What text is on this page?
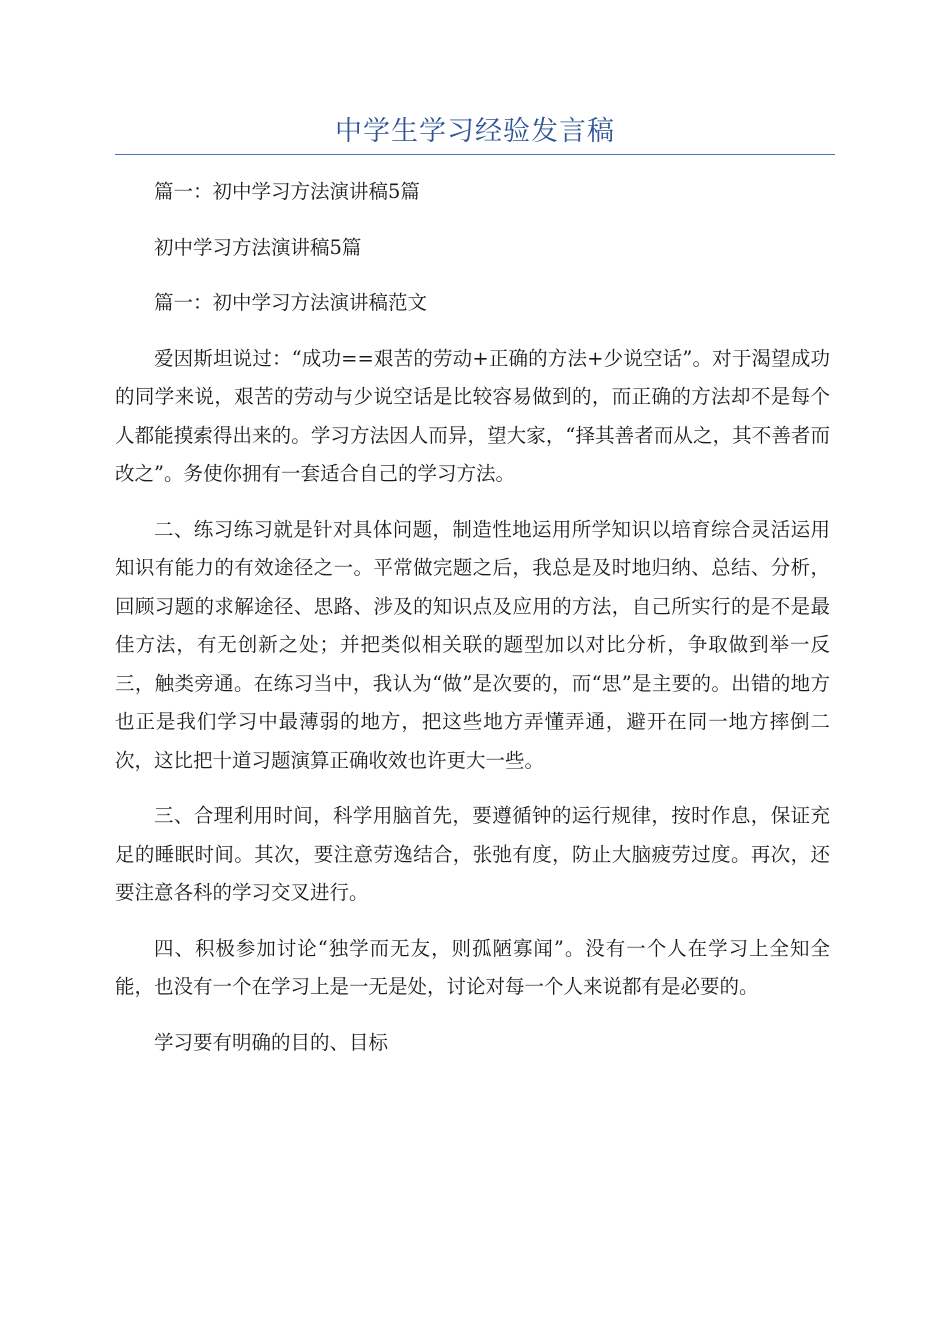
中学生学习经验发言稿

篇一：初中学习方法演讲稿5篇

初中学习方法演讲稿5篇

篇一：初中学习方法演讲稿范文

爱因斯坦说过：“成功==艰苦的劳动+正确的方法+少说空话”。对于渴望成功的同学来说，艰苦的劳动与少说空话是比较容易做到的，而正确的方法却不是每个人都能摸索得出来的。学习方法因人而异，望大家，“择其善者而从之，其不善者而改之”。务使你拥有一套适合自己的学习方法。

二、练习练习就是针对具体问题，制造性地运用所学知识以培育综合灵活运用知识有能力的有效途径之一。平常做完题之后，我总是及时地归纳、总结、分析，回顾习题的求解途径、思路、涉及的知识点及应用的方法，自己所实行的是不是最佳方法，有无创新之处；并把类似相关联的题型加以对比分析，争取做到举一反三，触类旁通。在练习当中，我认为“做”是次要的，而“思”是主要的。出错的地方也正是我们学习中最薄弱的地方，把这些地方弄懂弄通，避开在同一地方摔倒二次，这比把十道习题演算正确收效也许更大一些。

三、合理利用时间，科学用脑首先，要遵循钟的运行规律，按时作息，保证充足的睡眠时间。其次，要注意劳逸结合，张弛有度，防止大脑疲劳过度。再次，还要注意各科的学习交叉进行。

四、积极参加讨论“独学而无友，则孤陋寡闻”。没有一个人在学习上全知全能，也没有一个在学习上是一无是处，讨论对每一个人来说都有是必要的。

学习要有明确的目的、目标
